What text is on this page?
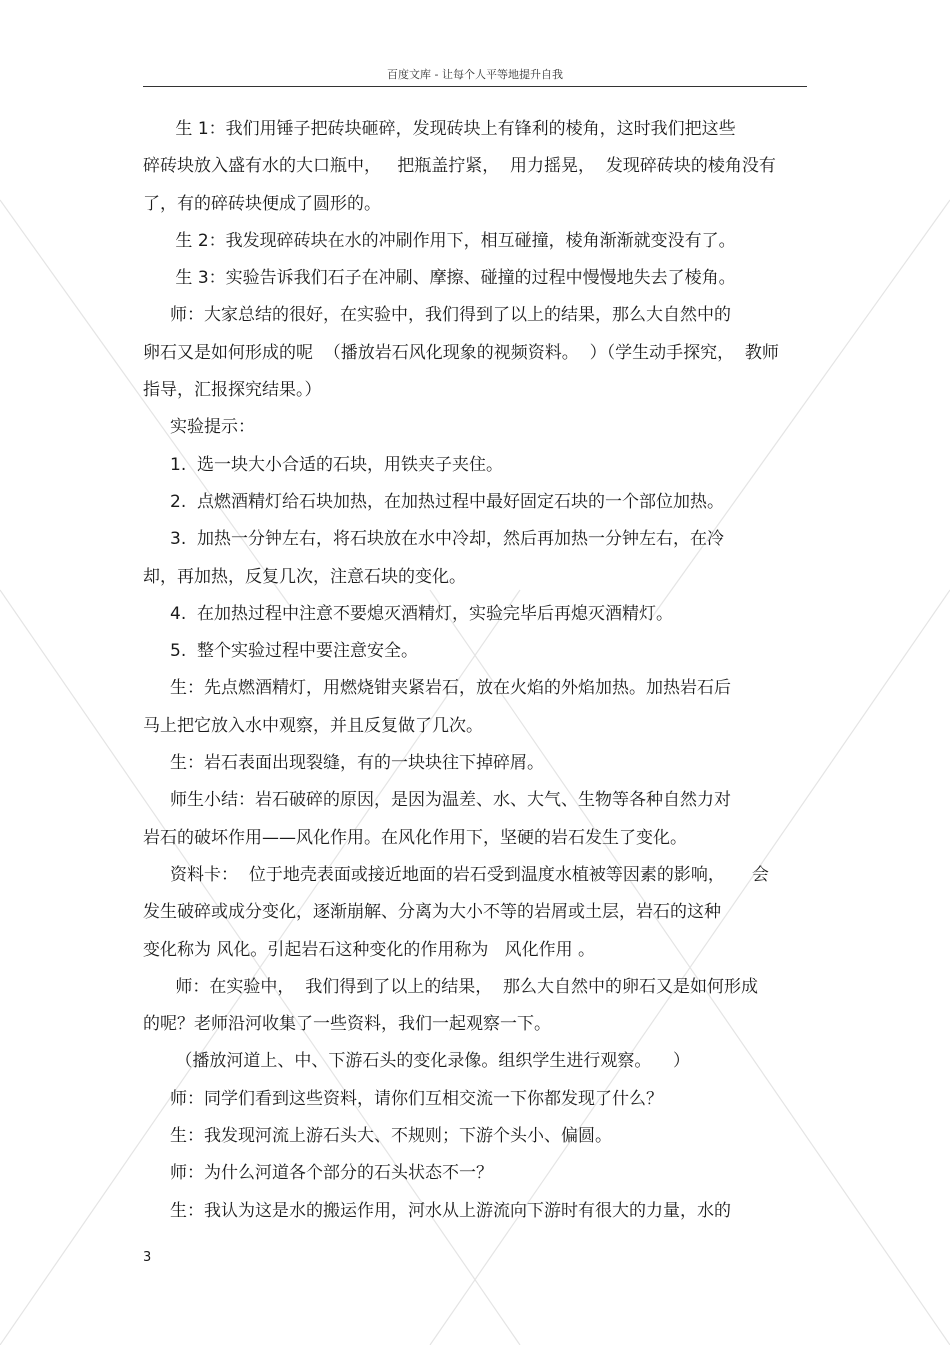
百度文库 - 让每个人平等地提升自我

生 1：我们用锤子把砖块砸碎，发现砖块上有锋利的棱角，这时我们把这些

碎砖块放入盛有水的大口瓶中，   把瓶盖拧紧，  用力摇晃，  发现碎砖块的棱角没有

了，有的碎砖块便成了圆形的。

生 2：我发现碎砖块在水的冲刷作用下，相互碰撞，棱角渐渐就变没有了。

生 3：实验告诉我们石子在冲刷、摩擦、碰撞的过程中慢慢地失去了棱角。

师：大家总结的很好，在实验中，我们得到了以上的结果，那么大自然中的

卵石又是如何形成的呢  （播放岩石风化现象的视频资料。  ）（学生动手探究，  教师

指导，汇报探究结果。）

实验提示：

1.  选一块大小合适的石块，用铁夹子夹住。

2.  点燃酒精灯给石块加热，在加热过程中最好固定石块的一个部位加热。

3.  加热一分钟左右，将石块放在水中冷却，然后再加热一分钟左右，在冷

却，再加热，反复几次，注意石块的变化。

4.  在加热过程中注意不要熄灭酒精灯，实验完毕后再熄灭酒精灯。

5.  整个实验过程中要注意安全。

生：先点燃酒精灯，用燃烧钳夹紧岩石，放在火焰的外焰加热。加热岩石后

马上把它放入水中观察，并且反复做了几次。

生：岩石表面出现裂缝，有的一块块往下掉碎屑。

师生小结：岩石破碎的原因，是因为温差、水、大气、生物等各种自然力对

岩石的破坏作用——风化作用。在风化作用下，坚硬的岩石发生了变化。

资料卡：  位于地壳表面或接近地面的岩石受到温度水植被等因素的影响，     会

发生破碎或成分变化，逐渐崩解、分离为大小不等的岩屑或土层，岩石的这种

变化称为 风化。引起岩石这种变化的作用称为   风化作用 。

师：在实验中，  我们得到了以上的结果，  那么大自然中的卵石又是如何形成

的呢？老师沿河收集了一些资料，我们一起观察一下。

（播放河道上、中、下游石头的变化录像。组织学生进行观察。    ）

师：同学们看到这些资料，请你们互相交流一下你都发现了什么？

生：我发现河流上游石头大、不规则；下游个头小、偏圆。

师：为什么河道各个部分的石头状态不一？

生：我认为这是水的搬运作用，河水从上游流向下游时有很大的力量，水的

3
